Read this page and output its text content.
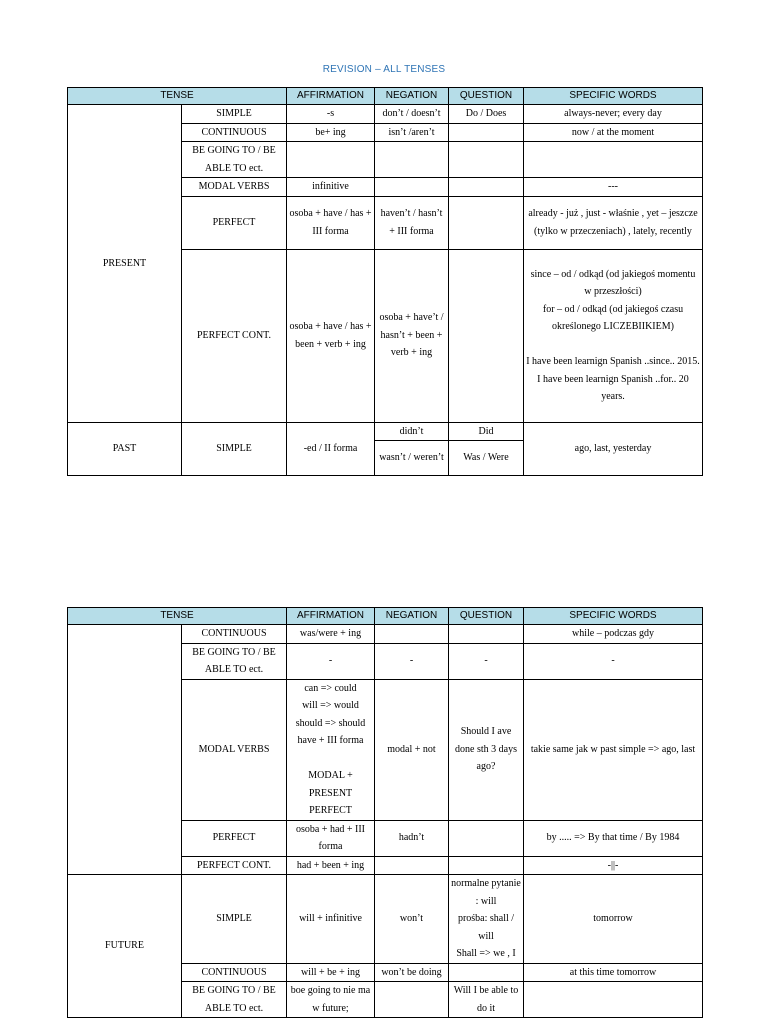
REVISION – ALL TENSES
TENSE		AFFIRMATION	NEGATION	QUESTION	SPECIFIC WORDS
PRESENT	SIMPLE	-s	don’t / doesn’t	Do / Does	always-never; every day
	CONTINUOUS	be+ ing	isn’t /aren’t		now / at the moment
	BE GOING TO / BE ABLE TO ect.				
	MODAL VERBS	infinitive			---
	PERFECT	osoba + have / has + III forma	haven’t / hasn’t + III forma		already - już , just - właśnie , yet – jeszcze (tylko w przeczeniach) , lately, recently
	PERFECT CONT.	osoba + have / has + been + verb + ing	osoba + have’t / hasn’t + been + verb + ing		since – od / odkąd (od jakiegoś momentu w przeszłości)
for – od / odkąd (od jakiegoś czasu określonego LICZEBIIKIEM)
I have been learnign Spanish ..since.. 2015.
I have been learnign Spanish ..for.. 20 years.

PAST	SIMPLE	-ed / II forma	didn’t	Did	ago, last, yesterday
			wasn’t / weren’t	Was / Were	
TENSE		AFFIRMATION	NEGATION	QUESTION	SPECIFIC WORDS
	CONTINUOUS	was/were + ing			while – podczas gdy
	BE GOING TO / BE ABLE TO ect.	-	-	-	-
	MODAL VERBS	can => could
will => would
should => should
have + III forma
MODAL + PRESENT PERFECT	modal + not	Should I ave done sth 3 days ago?	takie same jak w past simple => ago, last
	PERFECT	osoba + had + III forma	hadn’t		by ..... => By that time / By 1984
	PERFECT CONT.	had + been + ing			-||-
FUTURE	SIMPLE	will + infinitive	won’t	normalne pytanie : will
prośba: shall / will
Shall => we , I	tomorrow
	CONTINUOUS	will + be + ing	won’t be doing		at this time tomorrow
	BE GOING TO / BE ABLE TO ect.	boe going to nie ma w future;		Will I be able to do it	
